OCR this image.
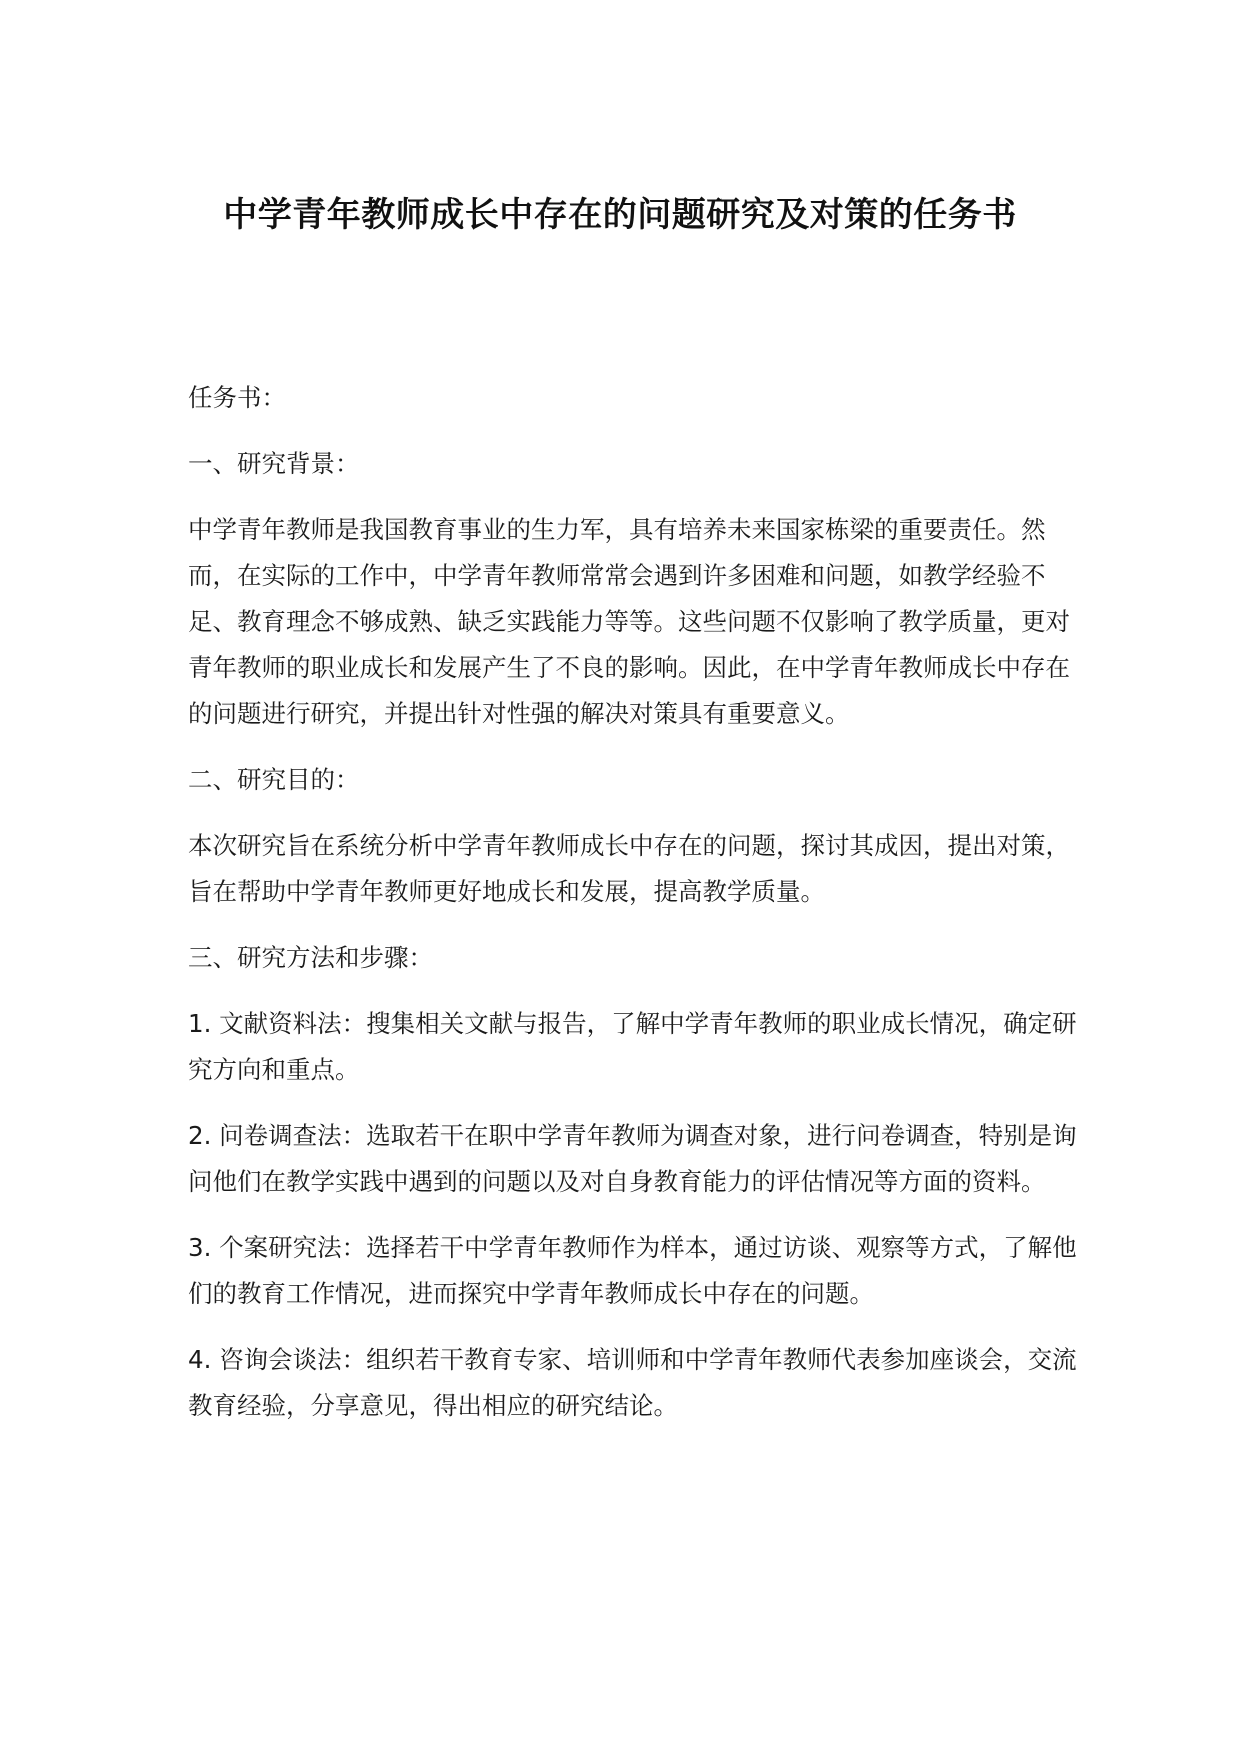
中学青年教师成长中存在的问题研究及对策的任务书

任务书：

一、研究背景：

中学青年教师是我国教育事业的生力军，具有培养未来国家栋梁的重要责任。然而，在实际的工作中，中学青年教师常常会遇到许多困难和问题，如教学经验不足、教育理念不够成熟、缺乏实践能力等等。这些问题不仅影响了教学质量，更对青年教师的职业成长和发展产生了不良的影响。因此，在中学青年教师成长中存在的问题进行研究，并提出针对性强的解决对策具有重要意义。

二、研究目的：

本次研究旨在系统分析中学青年教师成长中存在的问题，探讨其成因，提出对策，旨在帮助中学青年教师更好地成长和发展，提高教学质量。

三、研究方法和步骤：

1. 文献资料法：搜集相关文献与报告，了解中学青年教师的职业成长情况，确定研究方向和重点。

2. 问卷调查法：选取若干在职中学青年教师为调查对象，进行问卷调查，特别是询问他们在教学实践中遇到的问题以及对自身教育能力的评估情况等方面的资料。

3. 个案研究法：选择若干中学青年教师作为样本，通过访谈、观察等方式，了解他们的教育工作情况，进而探究中学青年教师成长中存在的问题。

4. 咨询会谈法：组织若干教育专家、培训师和中学青年教师代表参加座谈会，交流教育经验，分享意见，得出相应的研究结论。
